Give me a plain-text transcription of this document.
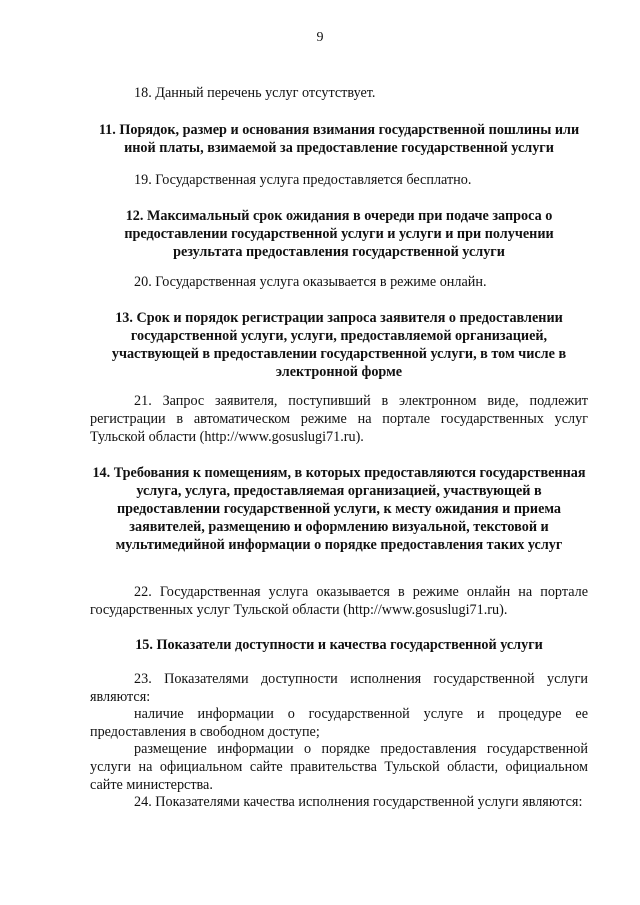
9

18. Данный перечень услуг отсутствует.

11. Порядок, размер и основания взимания государственной пошлины или иной платы, взимаемой за предоставление государственной услуги

19. Государственная услуга предоставляется бесплатно.

12. Максимальный срок ожидания в очереди при подаче запроса о предоставлении государственной услуги и услуги и при получении результата предоставления государственной услуги

20. Государственная услуга оказывается в режиме онлайн.

13. Срок и порядок регистрации запроса заявителя о предоставлении государственной услуги, услуги, предоставляемой организацией, участвующей в предоставлении государственной услуги, в том числе в электронной форме

21. Запрос заявителя, поступивший в электронном виде, подлежит регистрации в автоматическом режиме на портале государственных услуг Тульской области (http://www.gosuslugi71.ru).

14. Требования к помещениям, в которых предоставляются государственная услуга, услуга, предоставляемая организацией, участвующей в предоставлении государственной услуги, к месту ожидания и приема заявителей, размещению и оформлению визуальной, текстовой и мультимедийной информации о порядке предоставления таких услуг

22. Государственная услуга оказывается в режиме онлайн на портале государственных услуг Тульской области (http://www.gosuslugi71.ru).

15. Показатели доступности и качества государственной услуги

23. Показателями доступности исполнения государственной услуги являются:

наличие информации о государственной услуге и процедуре ее предоставления в свободном доступе;

размещение информации о порядке предоставления государственной услуги на официальном сайте правительства Тульской области, официальном сайте министерства.

24. Показателями качества исполнения государственной услуги являются:
